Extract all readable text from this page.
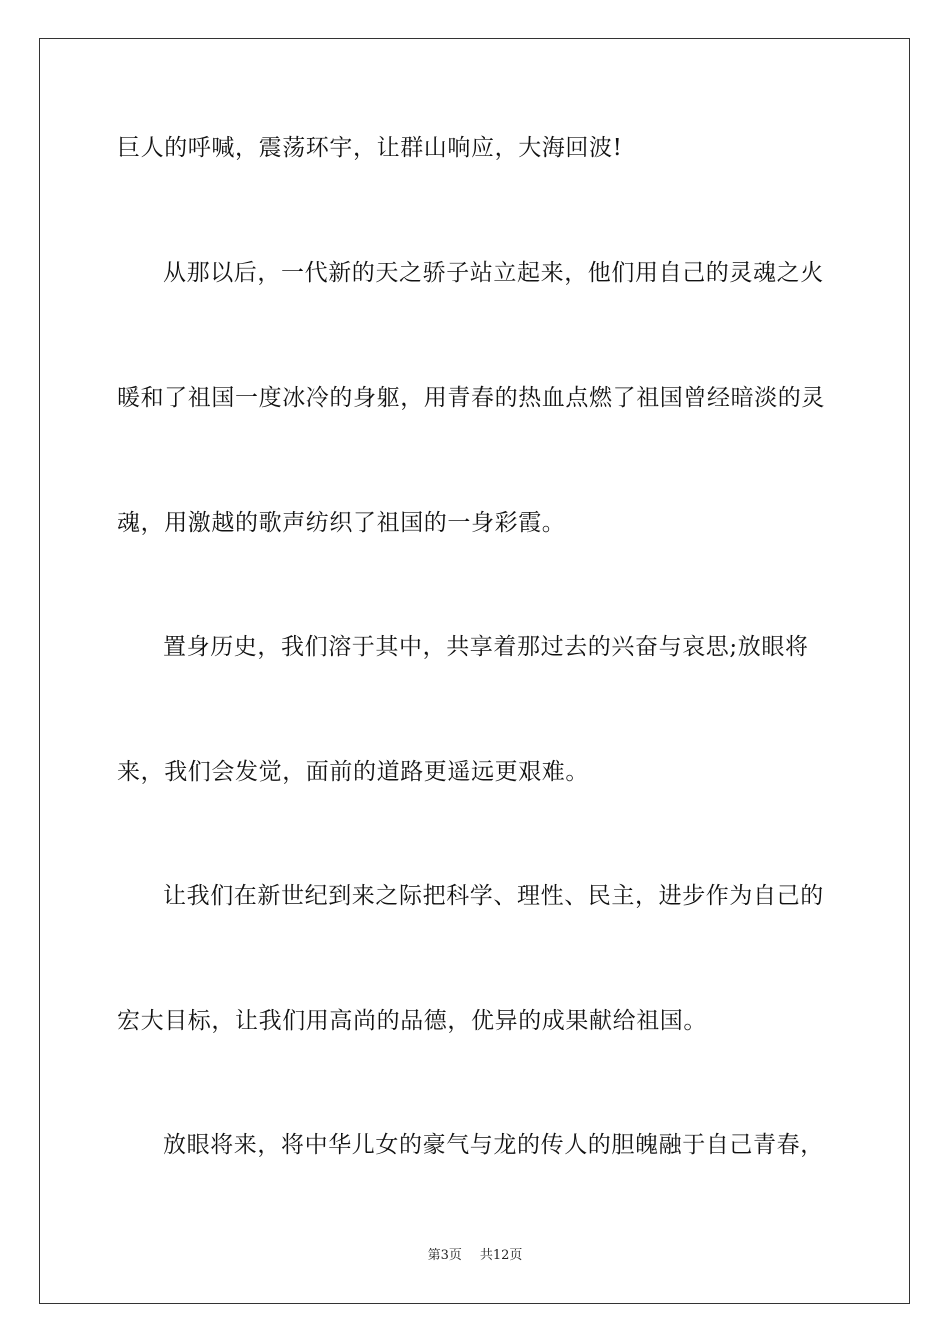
巨人的呼喊，震荡环宇，让群山响应，大海回波!
从那以后，一代新的天之骄子站立起来，他们用自己的灵魂之火
暖和了祖国一度冰冷的身躯，用青春的热血点燃了祖国曾经暗淡的灵
魂，用激越的歌声纺织了祖国的一身彩霞。
置身历史，我们溶于其中，共享着那过去的兴奋与哀思;放眼将
来，我们会发觉，面前的道路更遥远更艰难。
让我们在新世纪到来之际把科学、理性、民主，进步作为自己的
宏大目标，让我们用高尚的品德，优异的成果献给祖国。
放眼将来，将中华儿女的豪气与龙的传人的胆魄融于自己青春，
第3页 共12页
